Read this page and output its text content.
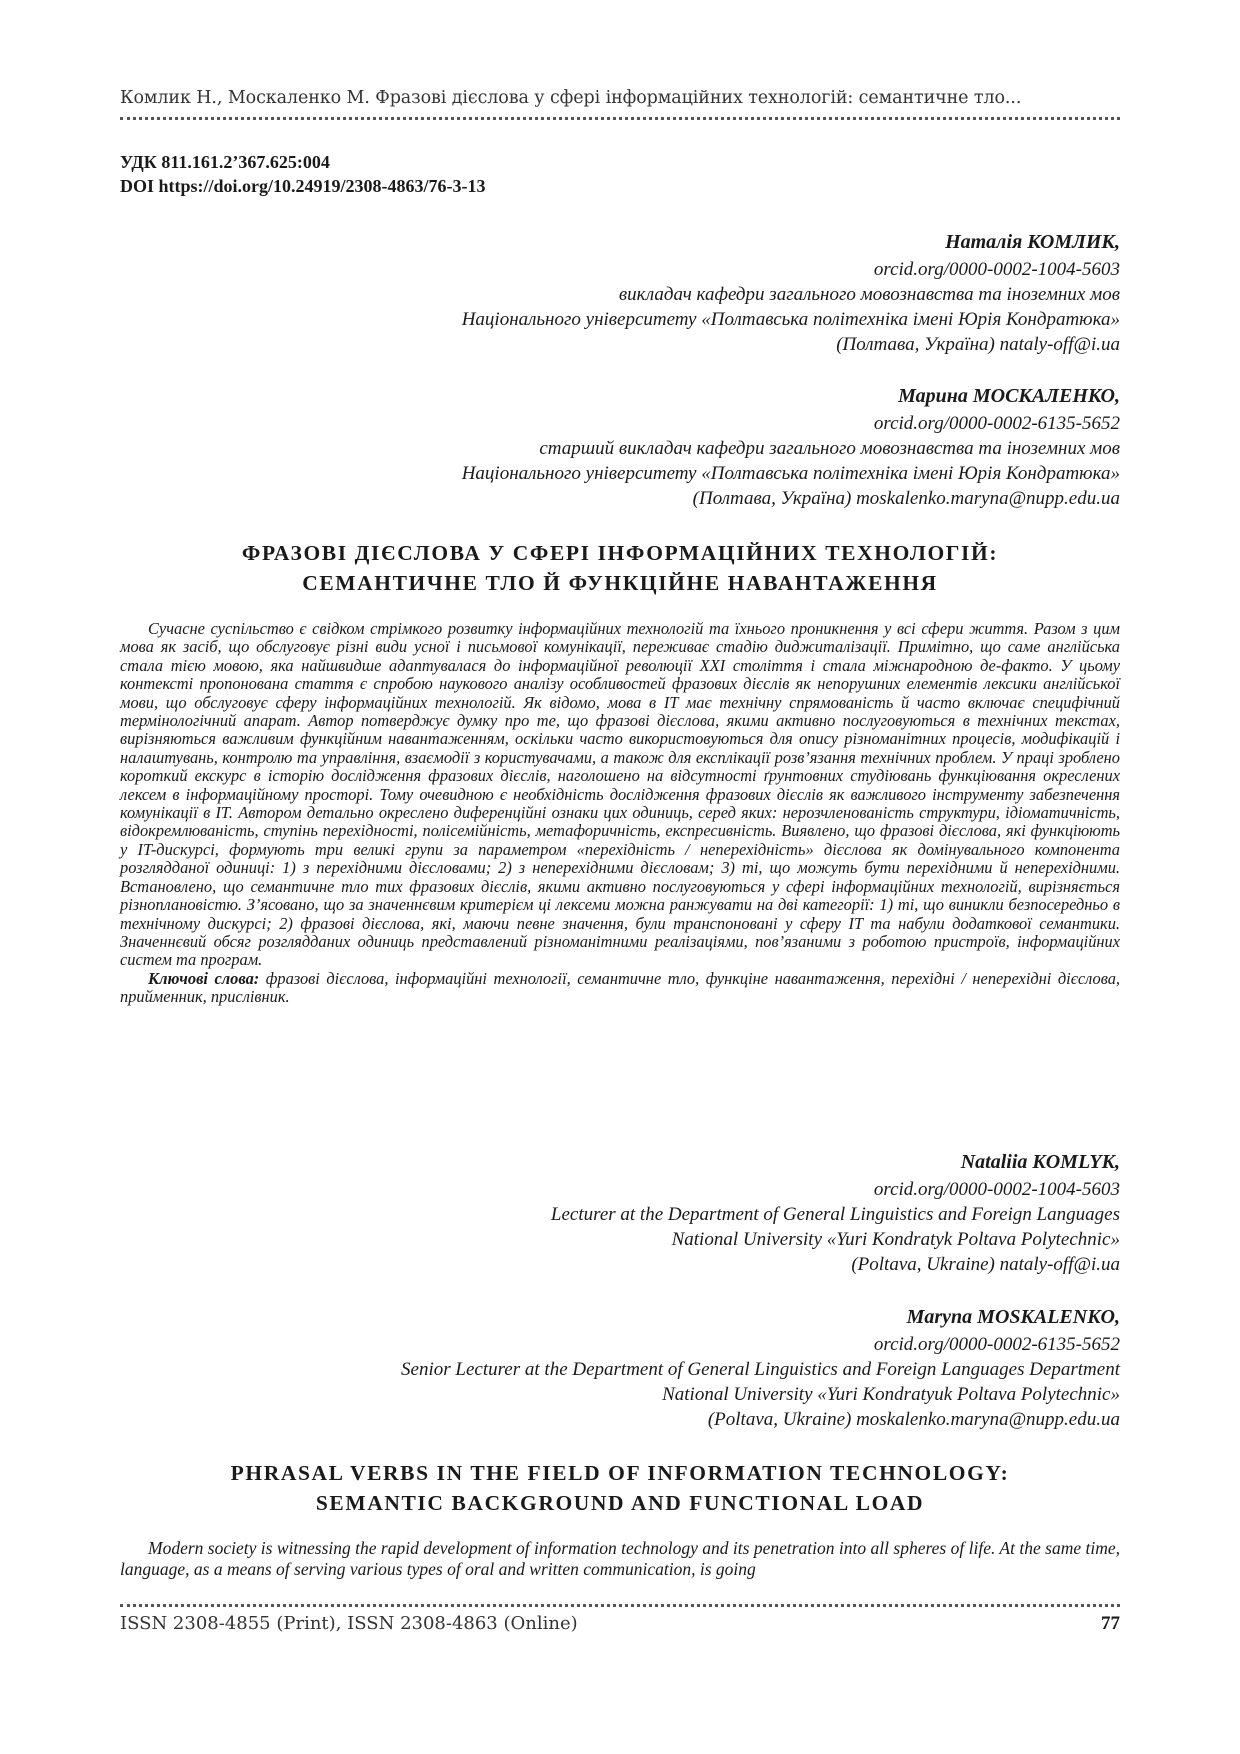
Комлик Н., Москаленко М. Фразові дієслова у сфері інформаційних технологій: семантичне тло...
УДК 811.161.2’367.625:004
DOI https://doi.org/10.24919/2308-4863/76-3-13
Наталія КОМЛИК,
orcid.org/0000-0002-1004-5603
викладач кафедри загального мовознавства та іноземних мов
Національного університету «Полтавська політехніка імені Юрія Кондратюка»
(Полтава, Україна) nataly-off@i.ua
Марина МОСКАЛЕНКО,
orcid.org/0000-0002-6135-5652
старший викладач кафедри загального мовознавства та іноземних мов
Національного університету «Полтавська політехніка імені Юрія Кондратюка»
(Полтава, Україна) moskalenko.maryna@nupp.edu.ua
ФРАЗОВІ ДІЄСЛОВА У СФЕРІ ІНФОРМАЦІЙНИХ ТЕХНОЛОГІЙ:
СЕМАНТИЧНЕ ТЛО Й ФУНКЦІЙНЕ НАВАНТАЖЕННЯ

Сучасне суспільство є свідком стрімкого розвитку інформаційних технологій та їхнього проникнення у всі сфери життя. Разом з цим мова як засіб, що обслуговує різні види усної і письмової комунікації, переживає стадію диджиталізації. Примітно, що саме англійська стала тією мовою, яка найшвидше адаптувалася до інформаційної революції XXI століття і стала міжнародною де-факто. У цьому контексті пропонована стаття є спробою наукового аналізу особливостей фразових дієслів як непорушних елементів лексики англійської мови, що обслуговує сферу інформаційних технологій. Як відомо, мова в IT має технічну спрямованість й часто включає специфічний термінологічний апарат. Автор потверджує думку про те, що фразові дієслова, якими активно послуговуються в технічних текстах, вирізняються важливим функційним навантаженням, оскільки часто використовуються для опису різноманітних процесів, модифікацій і налаштувань, контролю та управління, взаємодії з користувачами, а також для експлікації розв’язання технічних проблем. У праці зроблено короткий екскурс в історію дослідження фразових дієслів, наголошено на відсутності ґрунтовних студіювань функціювання окреслених лексем в інформаційному просторі. Тому очевидною є необхідність дослідження фразових дієслів як важливого інструменту забезпечення комунікації в IT. Автором детально окреслено диференційні ознаки цих одиниць, серед яких: нерозчленованість структури, ідіоматичність, відокремлюваність, ступінь перехідності, полісемійність, метафоричність, експресивність. Виявлено, що фразові дієслова, які функціюють у IT-дискурсі, формують три великі групи за параметром «перехідність / неперехідність» дієслова як домінувального компонента розглядданої одиниці: 1) з перехідними дієсловами; 2) з неперехідними дієсловам; 3) ті, що можуть бути перехідними й неперехідними. Встановлено, що семантичне тло тих фразових дієслів, якими активно послуговуються у сфері інформаційних технологій, вирізняється різноплановістю. З’ясовано, що за значеннєвим критерієм ці лексеми можна ранжувати на дві категорії: 1) ті, що виникли безпосередньо в технічному дискурсі; 2) фразові дієслова, які, маючи певне значення, були транспоновані у сферу IT та набули додаткової семантики. Значеннєвий обсяг розглядданих одиниць представлений різноманітними реалізаціями, пов’язаними з роботою пристроїв, інформаційних систем та програм.

Ключові слова: фразові дієслова, інформаційні технології, семантичне тло, функціне навантаження, перехідні / неперехідні дієслова, прийменник, прислівник.

Nataliia KOMLYK,
orcid.org/0000-0002-1004-5603
Lecturer at the Department of General Linguistics and Foreign Languages
National University «Yuri Kondratyk Poltava Polytechnic»
(Poltava, Ukraine) nataly-off@i.ua
Maryna MOSKALENKO,
orcid.org/0000-0002-6135-5652
Senior Lecturer at the Department of General Linguistics and Foreign Languages Department
National University «Yuri Kondratyuk Poltava Polytechnic»
(Poltava, Ukraine) moskalenko.maryna@nupp.edu.ua
PHRASAL VERBS IN THE FIELD OF INFORMATION TECHNOLOGY:
SEMANTIC BACKGROUND AND FUNCTIONAL LOAD

Modern society is witnessing the rapid development of information technology and its penetration into all spheres of life. At the same time, language, as a means of serving various types of oral and written communication, is going

ISSN 2308-4855 (Print), ISSN 2308-4863 (Online)	77
